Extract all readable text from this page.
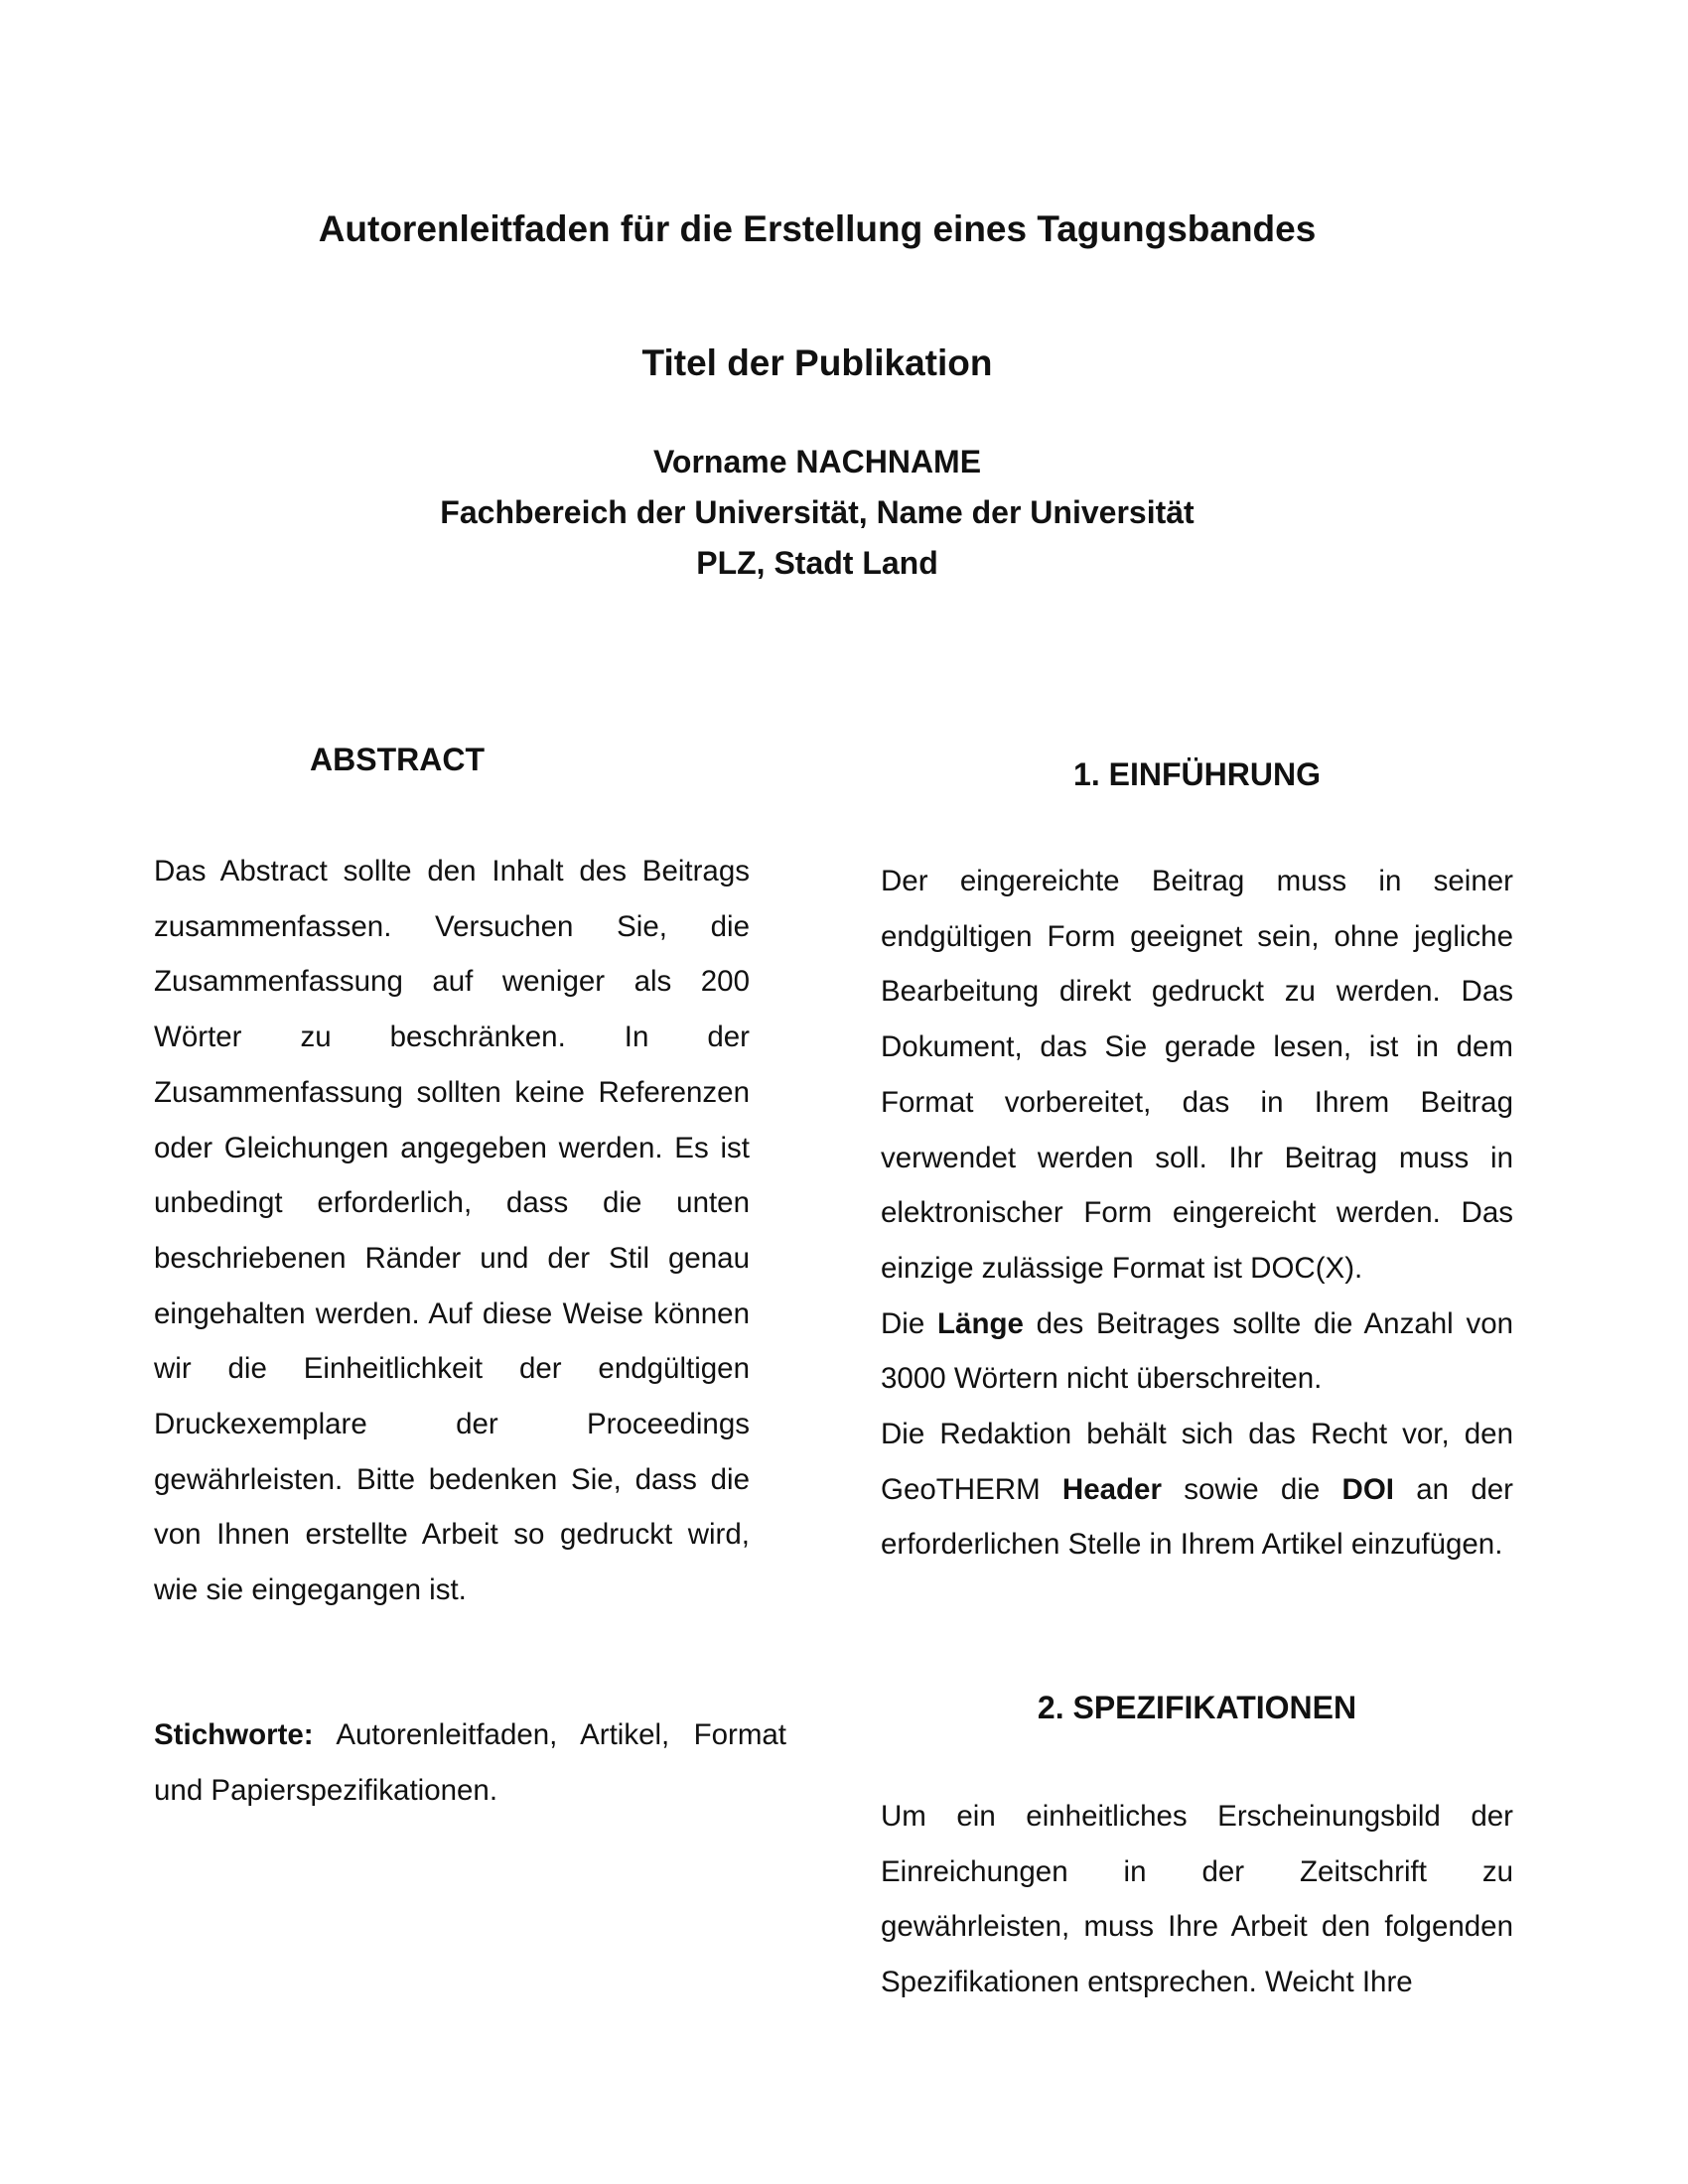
Autorenleitfaden für die Erstellung eines Tagungsbandes
Titel der Publikation
Vorname NACHNAME
Fachbereich der Universität, Name der Universität
PLZ, Stadt Land
ABSTRACT

Das Abstract sollte den Inhalt des Beitrags zusammenfassen. Versuchen Sie, die Zusammenfassung auf weniger als 200 Wörter zu beschränken. In der Zusammenfassung sollten keine Referenzen oder Gleichungen angegeben werden. Es ist unbedingt erforderlich, dass die unten beschriebenen Ränder und der Stil genau eingehalten werden. Auf diese Weise können wir die Einheitlichkeit der endgültigen Druckexemplare der Proceedings gewährleisten. Bitte bedenken Sie, dass die von Ihnen erstellte Arbeit so gedruckt wird, wie sie eingegangen ist.

Stichworte: Autorenleitfaden, Artikel, Format und Papierspezifikationen.

1. EINFÜHRUNG

Der eingereichte Beitrag muss in seiner endgültigen Form geeignet sein, ohne jegliche Bearbeitung direkt gedruckt zu werden. Das Dokument, das Sie gerade lesen, ist in dem Format vorbereitet, das in Ihrem Beitrag verwendet werden soll. Ihr Beitrag muss in elektronischer Form eingereicht werden. Das einzige zulässige Format ist DOC(X).

Die Länge des Beitrages sollte die Anzahl von 3000 Wörtern nicht überschreiten.

Die Redaktion behält sich das Recht vor, den GeoTHERM Header sowie die DOI an der erforderlichen Stelle in Ihrem Artikel einzufügen.

2. SPEZIFIKATIONEN

Um ein einheitliches Erscheinungsbild der Einreichungen in der Zeitschrift zu gewährleisten, muss Ihre Arbeit den folgenden Spezifikationen entsprechen. Weicht Ihre
